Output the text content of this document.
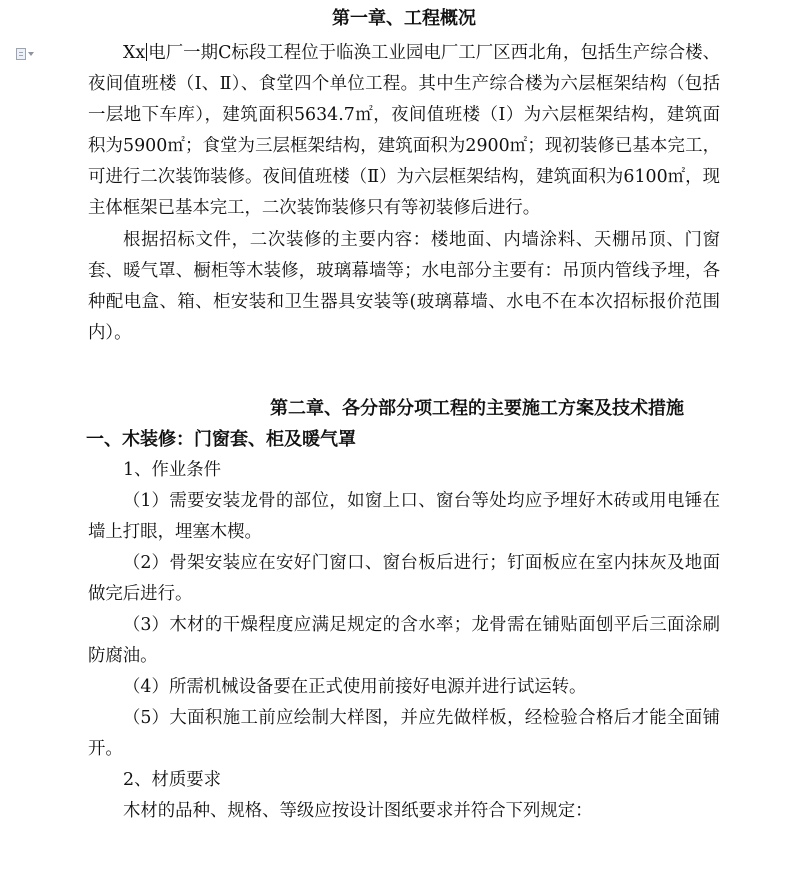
第一章、工程概况

Xx 电厂一期C标段工程位于临涣工业园电厂工厂区西北角，包括生产综合楼、夜间值班楼（Ⅰ、Ⅱ）、食堂四个单位工程。其中生产综合楼为六层框架结构（包括一层地下车库），建筑面积5634.7㎡，夜间值班楼（Ⅰ）为六层框架结构，建筑面积为5900㎡；食堂为三层框架结构，建筑面积为2900㎡；现初装修已基本完工，可进行二次装饰装修。夜间值班楼（Ⅱ）为六层框架结构，建筑面积为6100㎡，现主体框架已基本完工，二次装饰装修只有等初装修后进行。

根据招标文件，二次装修的主要内容：楼地面、内墙涂料、天棚吊顶、门窗套、暖气罩、橱柜等木装修，玻璃幕墙等；水电部分主要有：吊顶内管线予埋，各种配电盒、箱、柜安装和卫生器具安装等(玻璃幕墙、水电不在本次招标报价范围内）。

第二章、各分部分项工程的主要施工方案及技术措施
一、木装修：门窗套、柜及暖气罩

1、作业条件

（1）需要安装龙骨的部位，如窗上口、窗台等处均应予埋好木砖或用电锤在墙上打眼，埋塞木楔。

（2）骨架安装应在安好门窗口、窗台板后进行；钉面板应在室内抹灰及地面做完后进行。

（3）木材的干燥程度应满足规定的含水率；龙骨需在铺贴面刨平后三面涂刷防腐油。

（4）所需机械设备要在正式使用前接好电源并进行试运转。

（5）大面积施工前应绘制大样图，并应先做样板，经检验合格后才能全面铺开。

2、材质要求

木材的品种、规格、等级应按设计图纸要求并符合下列规定：
